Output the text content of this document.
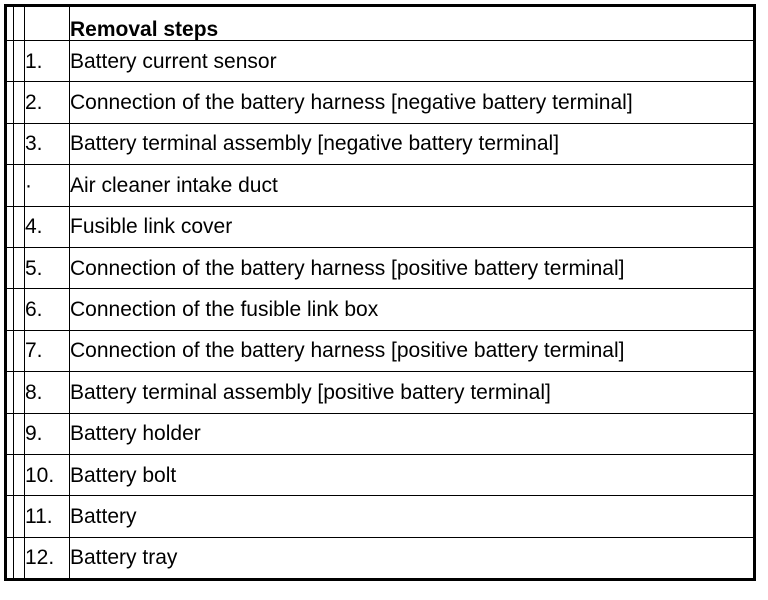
			Removal steps
		1.	Battery current sensor
		2.	Connection of the battery harness [negative battery terminal]
		3.	Battery terminal assembly [negative battery terminal]
		·	Air cleaner intake duct
		4.	Fusible link cover
		5.	Connection of the battery harness [positive battery terminal]
		6.	Connection of the fusible link box
		7.	Connection of the battery harness [positive battery terminal]
		8.	Battery terminal assembly [positive battery terminal]
		9.	Battery holder
		10.	Battery bolt
		11.	Battery
		12.	Battery tray
